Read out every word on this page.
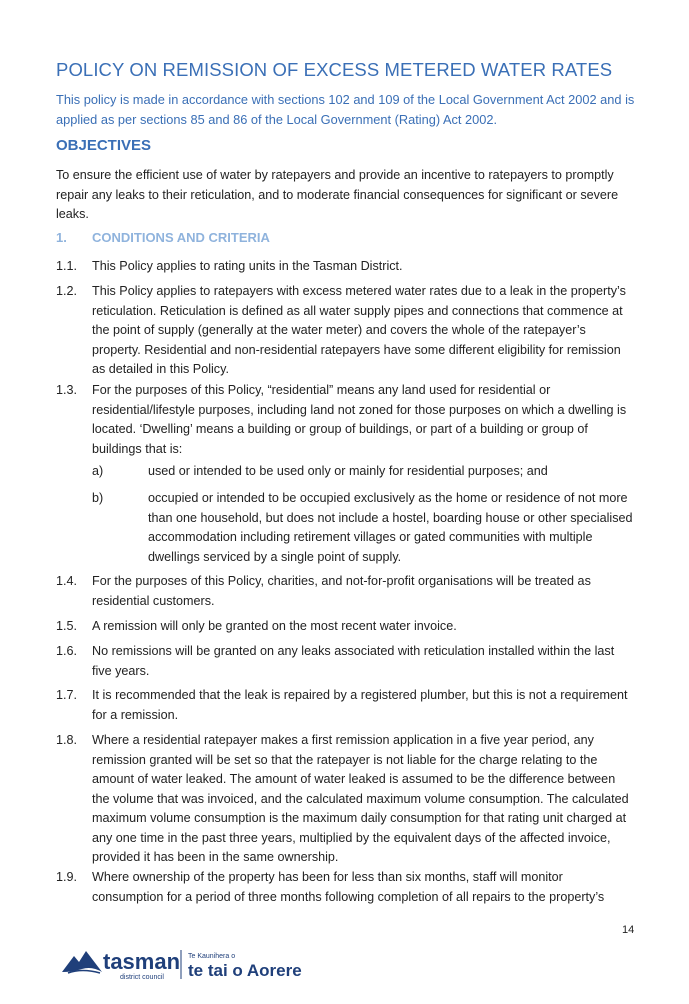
POLICY ON REMISSION OF EXCESS METERED WATER RATES
This policy is made in accordance with sections 102 and 109 of the Local Government Act 2002 and is applied as per sections 85 and 86 of the Local Government (Rating) Act 2002.
OBJECTIVES
To ensure the efficient use of water by ratepayers and provide an incentive to ratepayers to promptly repair any leaks to their reticulation, and to moderate financial consequences for significant or severe leaks.
1. CONDITIONS AND CRITERIA
1.1. This Policy applies to rating units in the Tasman District.
1.2. This Policy applies to ratepayers with excess metered water rates due to a leak in the property’s reticulation. Reticulation is defined as all water supply pipes and connections that commence at the point of supply (generally at the water meter) and covers the whole of the ratepayer’s property. Residential and non-residential ratepayers have some different eligibility for remission as detailed in this Policy.
1.3. For the purposes of this Policy, “residential” means any land used for residential or residential/lifestyle purposes, including land not zoned for those purposes on which a dwelling is located. ‘Dwelling’ means a building or group of buildings, or part of a building or group of buildings that is:
a)	used or intended to be used only or mainly for residential purposes; and
b)	occupied or intended to be occupied exclusively as the home or residence of not more than one household, but does not include a hostel, boarding house or other specialised accommodation including retirement villages or gated communities with multiple dwellings serviced by a single point of supply.
1.4. For the purposes of this Policy, charities, and not-for-profit organisations will be treated as residential customers.
1.5. A remission will only be granted on the most recent water invoice.
1.6. No remissions will be granted on any leaks associated with reticulation installed within the last five years.
1.7. It is recommended that the leak is repaired by a registered plumber, but this is not a requirement for a remission.
1.8. Where a residential ratepayer makes a first remission application in a five year period, any remission granted will be set so that the ratepayer is not liable for the charge relating to the amount of water leaked. The amount of water leaked is assumed to be the difference between the volume that was invoiced, and the calculated maximum volume consumption. The calculated maximum volume consumption is the maximum daily consumption for that rating unit charged at any one time in the past three years, multiplied by the equivalent days of the affected invoice, provided it has been in the same ownership.
1.9. Where ownership of the property has been for less than six months, staff will monitor consumption for a period of three months following completion of all repairs to the property’s
14
tasman
district council
Te Kaunihera o
te tai o Aorere
